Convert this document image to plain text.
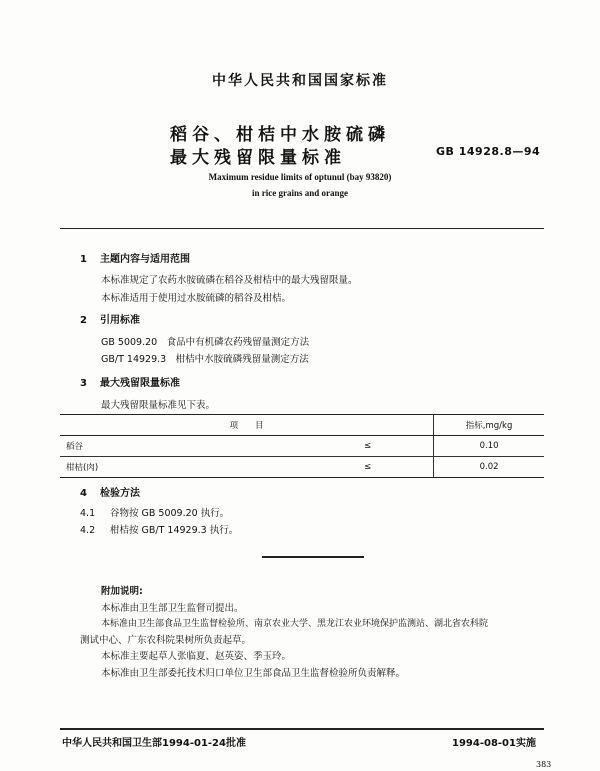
中华人民共和国国家标准
稻谷、柑桔中水胺硫磷
最大残留限量标准	GB 14928.8—94
Maximum residue limits of optunul (bay 93820)
in rice grains and orange
1 主题内容与适用范围
本标准规定了农药水胺硫磷在稻谷及柑桔中的最大残留限量。
本标准适用于使用过水胺硫磷的稻谷及柑桔。
2 引用标准
GB 5009.20　食品中有机磷农药残留量测定方法
GB/T 14929.3　柑桔中水胺硫磷残留量测定方法
3 最大残留限量标准
最大残留限量标准见下表。
项　　目		指标,mg/kg
稻谷	≤	0.10
柑桔(肉)	≤	0.02
4 检验方法
4.1 谷物按 GB 5009.20 执行。
4.2 柑桔按 GB/T 14929.3 执行。
附加说明:
本标准由卫生部卫生监督司提出。
本标准由卫生部食品卫生监督检验所、南京农业大学、黑龙江农业环境保护监测站、湖北省农科院
测试中心、广东农科院果树所负责起草。
本标准主要起草人张临夏、赵英姿、季玉玲。
本标准由卫生部委托技术归口单位卫生部食品卫生监督检验所负责解释。
中华人民共和国卫生部1994-01-24批准	1994-08-01实施
383
